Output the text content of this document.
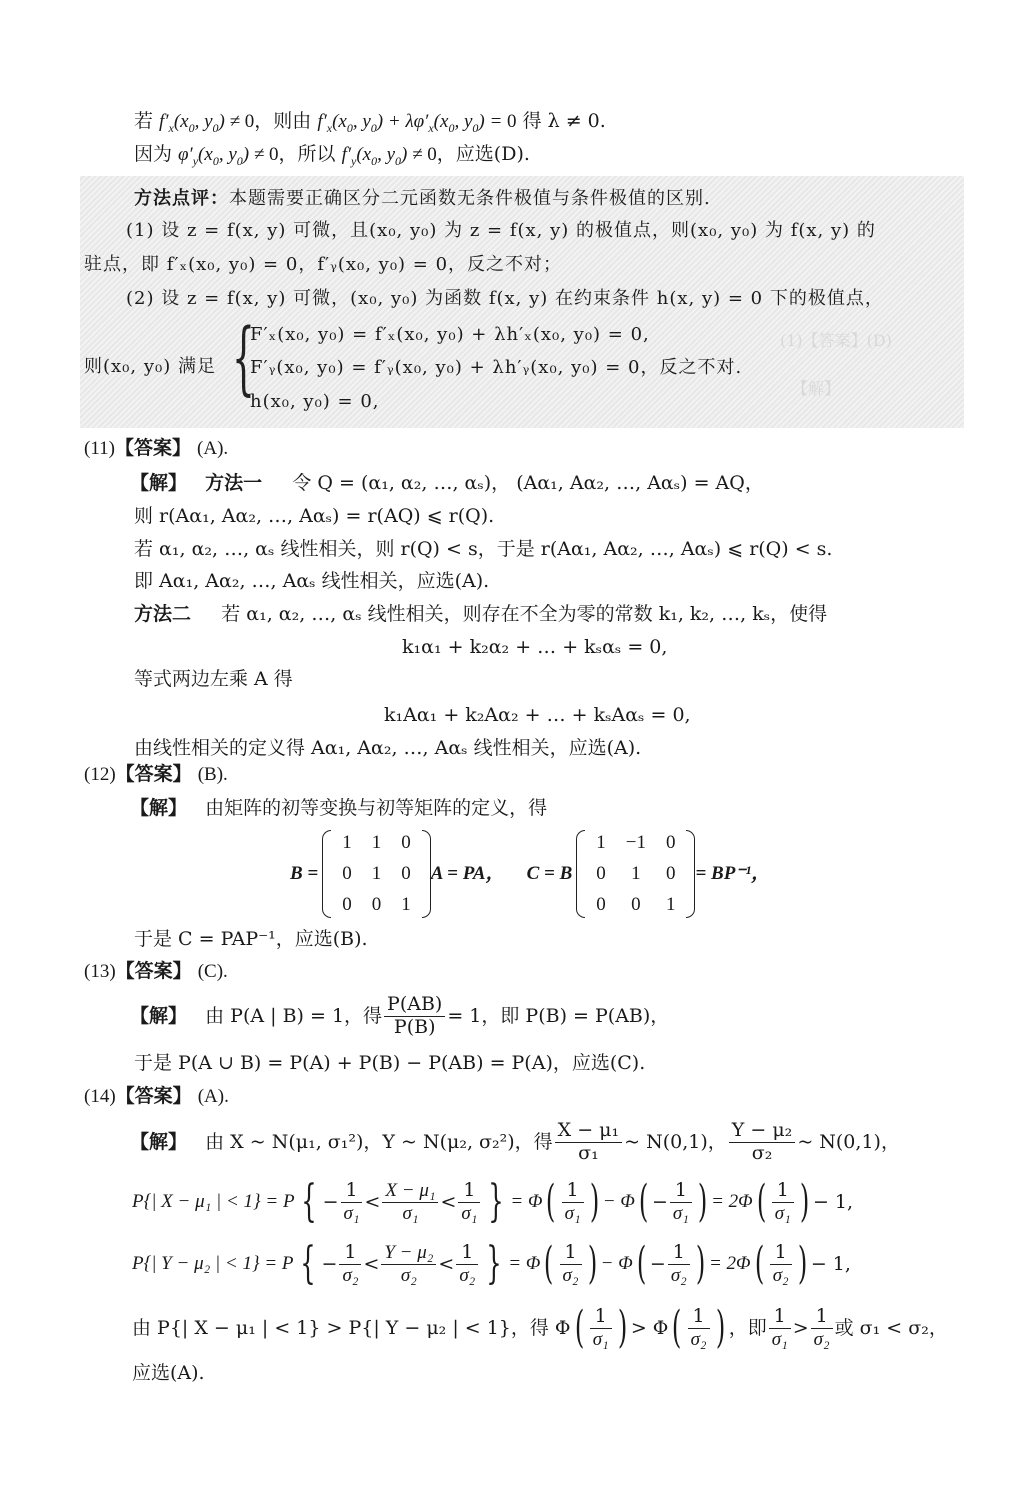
若 $f'_x(x_0$, $y_0) \ne 0$，则由 $f'_x(x_0$, $y_0) + \lambda\varphi'_x(x_0$, $y_0) = 0$ 得 λ ≠ 0.
因为 $\varphi'_y(x_0$, $y_0) \ne 0$，所以 $f'_y(x_0$, $y_0) \ne 0$，应选(D).
(1)【答案】(D)
【解】
方法点评：本题需要正确区分二元函数无条件极值与条件极值的区别.
(1) 设 z = f(x, y) 可微，且(x₀, y₀) 为 z = f(x, y) 的极值点，则(x₀, y₀) 为 f(x, y) 的
驻点，即 f′ₓ(x₀, y₀) = 0，f′ᵧ(x₀, y₀) = 0，反之不对；
(2) 设 z = f(x, y) 可微，(x₀, y₀) 为函数 f(x, y) 在约束条件 h(x, y) = 0 下的极值点，
则(x₀, y₀) 满足 {
F′ₓ(x₀, y₀) = f′ₓ(x₀, y₀) + λh′ₓ(x₀, y₀) = 0,
F′ᵧ(x₀, y₀) = f′ᵧ(x₀, y₀) + λh′ᵧ(x₀, y₀) = 0，反之不对.
h(x₀, y₀) = 0,
(11)【答案】 (A).
【解】 方法一 令 Q = (α₁, α₂, …, αₛ)， (Aα₁, Aα₂, …, Aαₛ) = AQ，
则 r(Aα₁, Aα₂, …, Aαₛ) = r(AQ) ⩽ r(Q).
若 α₁, α₂, …, αₛ 线性相关，则 r(Q) < s，于是 r(Aα₁, Aα₂, …, Aαₛ) ⩽ r(Q) < s.
即 Aα₁, Aα₂, …, Aαₛ 线性相关，应选(A).
方法二 若 α₁, α₂, …, αₛ 线性相关，则存在不全为零的常数 k₁, k₂, …, kₛ，使得
k₁α₁ + k₂α₂ + … + kₛαₛ = 0,
等式两边左乘 A 得
k₁Aα₁ + k₂Aα₂ + … + kₛAαₛ = 0,
由线性相关的定义得 Aα₁, Aα₂, …, Aαₛ 线性相关，应选(A).
(12)【答案】 (B).
【解】 由矩阵的初等变换与初等矩阵的定义，得
B =
1	1	0
0	1	0
0	0	1
A = PA， C = B
1	−1	0
0	1	0
0	0	1
= BP⁻¹，
于是 C = PAP⁻¹，应选(B).
(13)【答案】 (C).
【解】
由 P(A | B) = 1，得 $\frac{P(AB)}{P(B)} = 1$，即 P(B) = P(AB)，
于是 P(A ∪ B) = P(A) + P(B) − P(AB) = P(A)，应选(C).
(14)【答案】 (A).
【解】
由 X ~ N(μ₁, σ₁²)，Y ~ N(μ₂, σ₂²)，得 $\frac{\text{X − μ₁}}{\text{σ₁}}$ ~ N(0,1)， $\frac{\text{Y − μ₂}}{\text{σ₂}}$ ~ N(0,1)，
P{| X − μ₁ | < 1} = P { − $\frac{1}{\text{σ₁}} < \frac{\text{X − μ₁}}{\text{σ₁}} < \frac{1}{\text{σ₁}}$ } = Φ ( $\frac{1}{\text{σ₁}}$ ) − Φ ( − $\frac{1}{\text{σ₁}}$ ) = 2Φ ( $\frac{1}{\text{σ₁}}$ ) − 1,
P{| Y − μ₂ | < 1} = P { − $\frac{1}{\text{σ₂}} < \frac{\text{Y − μ₂}}{\text{σ₂}} < \frac{1}{\text{σ₂}}$ } = Φ ( $\frac{1}{\text{σ₂}}$ ) − Φ ( − $\frac{1}{\text{σ₂}}$ ) = 2Φ ( $\frac{1}{\text{σ₂}}$ ) − 1,
由 P{| X − μ₁ | < 1} > P{| Y − μ₂ | < 1}，得 Φ ( $\frac{1}{\text{σ₁}}$ ) > Φ ( $\frac{1}{\text{σ₂}}$ ) ，即 $\frac{1}{\text{σ₁}} > \frac{1}{\text{σ₂}}$ 或 σ₁ < σ₂，
应选(A).
